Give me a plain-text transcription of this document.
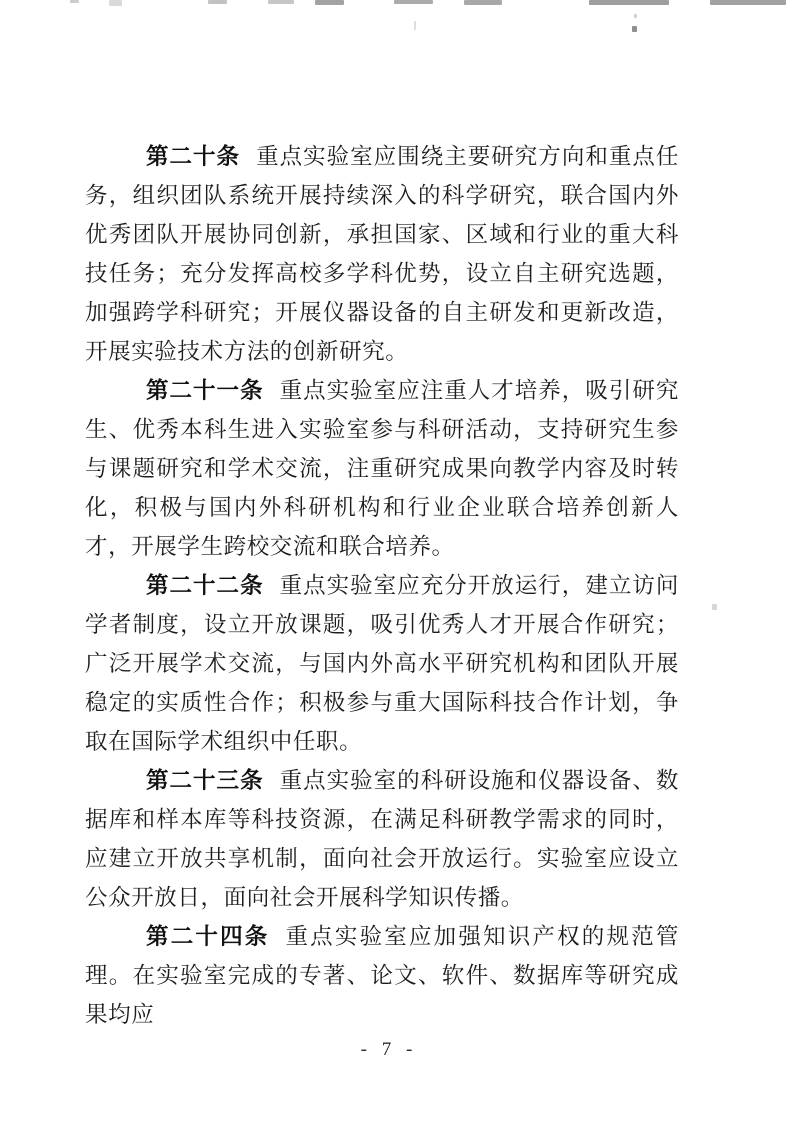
第二十条 重点实验室应围绕主要研究方向和重点任务，组织团队系统开展持续深入的科学研究，联合国内外优秀团队开展协同创新，承担国家、区域和行业的重大科技任务；充分发挥高校多学科优势，设立自主研究选题，加强跨学科研究；开展仪器设备的自主研发和更新改造，开展实验技术方法的创新研究。

第二十一条 重点实验室应注重人才培养，吸引研究生、优秀本科生进入实验室参与科研活动，支持研究生参与课题研究和学术交流，注重研究成果向教学内容及时转化，积极与国内外科研机构和行业企业联合培养创新人才，开展学生跨校交流和联合培养。

第二十二条 重点实验室应充分开放运行，建立访问学者制度，设立开放课题，吸引优秀人才开展合作研究；广泛开展学术交流，与国内外高水平研究机构和团队开展稳定的实质性合作；积极参与重大国际科技合作计划，争取在国际学术组织中任职。

第二十三条 重点实验室的科研设施和仪器设备、数据库和样本库等科技资源，在满足科研教学需求的同时，应建立开放共享机制，面向社会开放运行。实验室应设立公众开放日，面向社会开展科学知识传播。

第二十四条 重点实验室应加强知识产权的规范管理。在实验室完成的专著、论文、软件、数据库等研究成果均应

- 7 -
